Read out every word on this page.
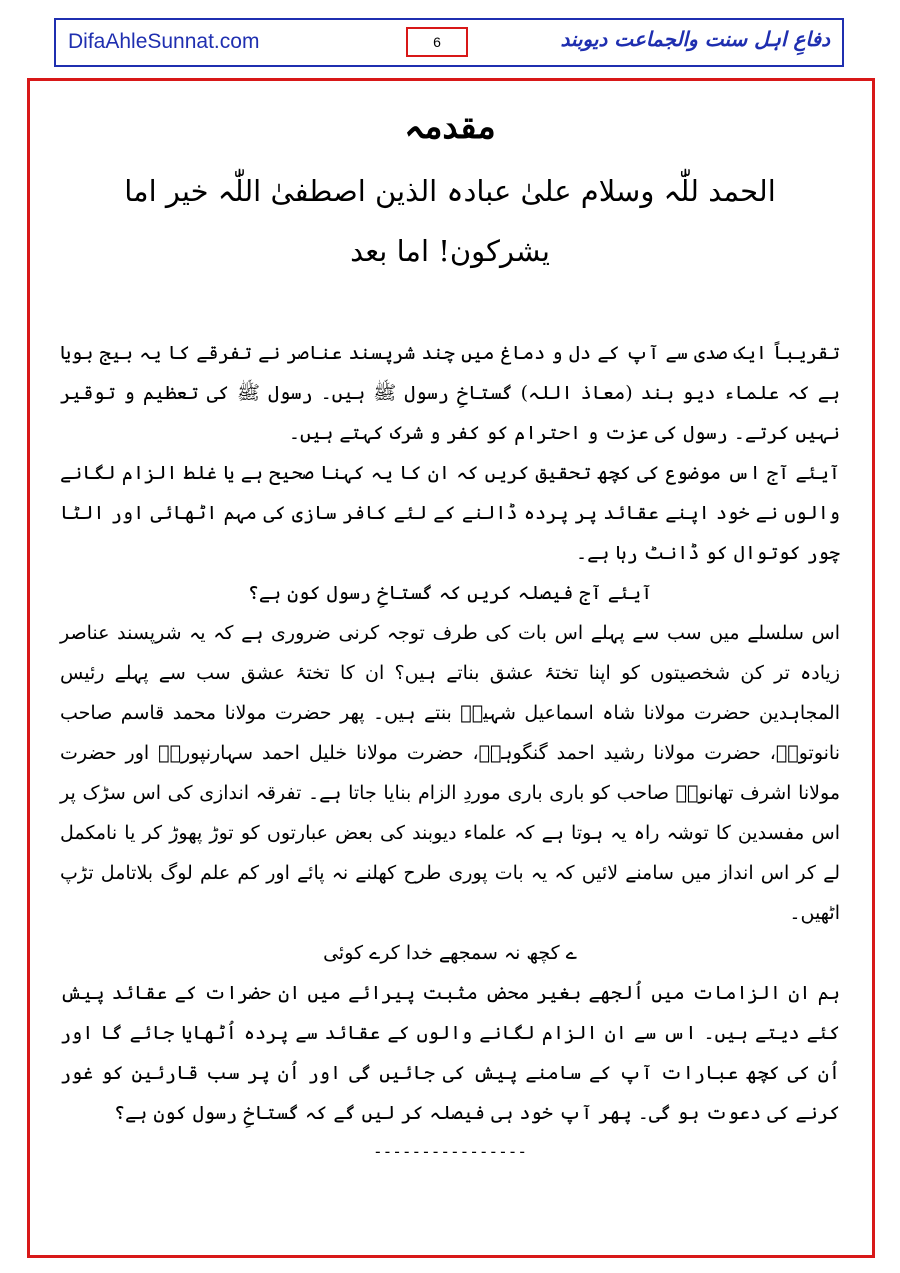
DifaAhleSunnat.com	6	دفاعِ اہل سنت والجماعت دیوبند
مقدمہ
الحمد للّٰہ وسلام علیٰ عبادہ الذین اصطفیٰ اللّٰہ خیر اما
یشرکون! اما بعد

تقریباً ایک صدی سے آپ کے دل و دماغ میں چند شرپسند عناصر نے تفرقے کا یہ بیج بویا ہے کہ علماء دیو بند (معاذ اللہ) گستاخِ رسول ﷺ ہیں۔ رسول ﷺ کی تعظیم و توقیر نہیں کرتے۔ رسول کی عزت و احترام کو کفر و شرک کہتے ہیں۔

آیئے آج اس موضوع کی کچھ تحقیق کریں کہ ان کا یہ کہنا صحیح ہے یا غلط الزام لگانے والوں نے خود اپنے عقائد پر پردہ ڈالنے کے لئے کافر سازی کی مہم اٹھائی اور الٹا چور کوتوال کو ڈانٹ رہا ہے۔

آیئے آج فیصلہ کریں کہ گستاخِ رسول کون ہے؟

اس سلسلے میں سب سے پہلے اس بات کی طرف توجہ کرنی ضروری ہے کہ یہ شرپسند عناصر زیادہ تر کن شخصیتوں کو اپنا تختۂ عشق بناتے ہیں؟ ان کا تختۂ عشق سب سے پہلے رئیس المجاہدین حضرت مولانا شاہ اسماعیل شہیدؒ بنتے ہیں۔ پھر حضرت مولانا محمد قاسم صاحب نانوتویؒ، حضرت مولانا رشید احمد گنگوہیؒ، حضرت مولانا خلیل احمد سہارنپوریؒ اور حضرت مولانا اشرف تھانویؒ صاحب کو باری باری موردِ الزام بنایا جاتا ہے۔ تفرقہ اندازی کی اس سڑک پر اس مفسدین کا توشہ راہ یہ ہوتا ہے کہ علماء دیوبند کی بعض عبارتوں کو توڑ پھوڑ کر یا نامکمل لے کر اس انداز میں سامنے لائیں کہ یہ بات پوری طرح کھلنے نہ پائے اور کم علم لوگ بلاتامل تڑپ اٹھیں۔

ے کچھ نہ سمجھے خدا کرے کوئی

ہم ان الزامات میں اُلجھے بغیر محض مثبت پیرائے میں ان حضرات کے عقائد پیش کئے دیتے ہیں۔ اس سے ان الزام لگانے والوں کے عقائد سے پردہ اُٹھایا جائے گا اور اُن کی کچھ عبارات آپ کے سامنے پیش کی جائیں گی اور اُن پر سب قارئین کو غور کرنے کی دعوت ہو گی۔ پھر آپ خود ہی فیصلہ کر لیں گے کہ گستاخِ رسول کون ہے؟

----------------
